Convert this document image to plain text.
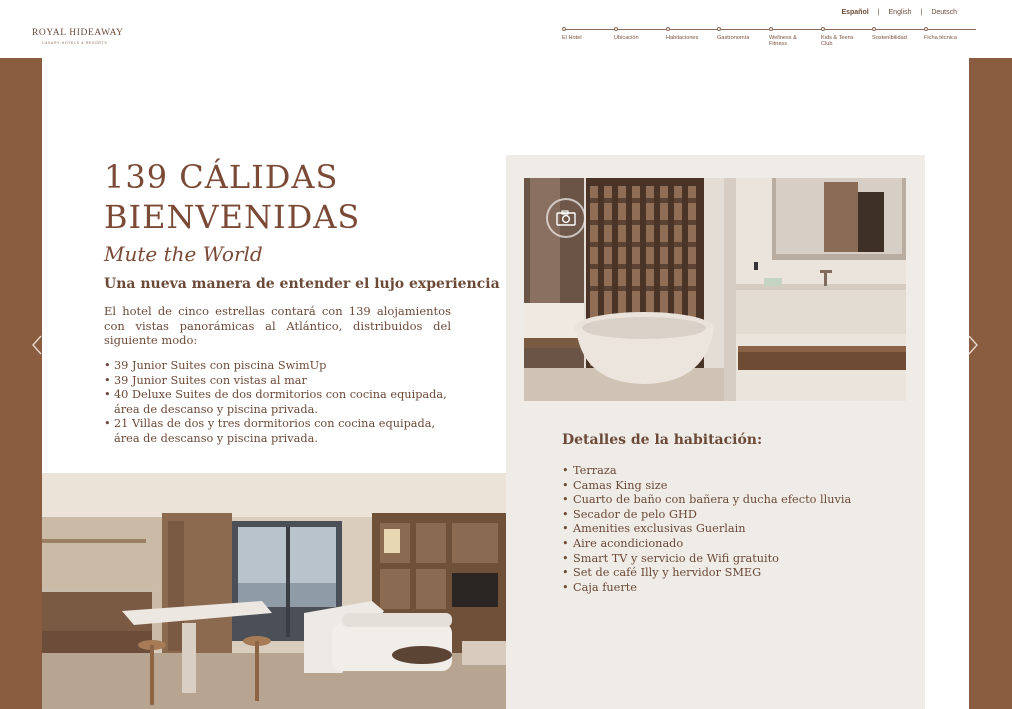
ROYAL HIDEAWAY
LUXURY HOTELS & RESORTS
Español	|	English	|	Deutsch
El Hotel	Ubicación	Habitaciones	Gastronomía	Wellness & Fitness
Kids & Teens Club
Sostenibilidad	Ficha técnica
139 CÁLIDAS
BIENVENIDAS
Mute the World
Una nueva manera de entender el lujo experiencia

El hotel de cinco estrellas contará con 139 alojamientos con vistas panorámicas al Atlántico, distribuidos del siguiente modo:

• 39 Junior Suites con piscina SwimUp
• 39 Junior Suites con vistas al mar
• 40 Deluxe Suites de dos dormitorios con cocina equipada, área de descanso y piscina privada.
• 21 Villas de dos y tres dormitorios con cocina equipada, área de descanso y piscina privada.	Detalles de la habitación:
• Terraza
• Camas King size
• Cuarto de baño con bañera y ducha efecto lluvia
• Secador de pelo GHD
• Amenities exclusivas Guerlain
• Aire acondicionado
• Smart TV y servicio de Wifi gratuito
• Set de café Illy y hervidor SMEG
• Caja fuerte
